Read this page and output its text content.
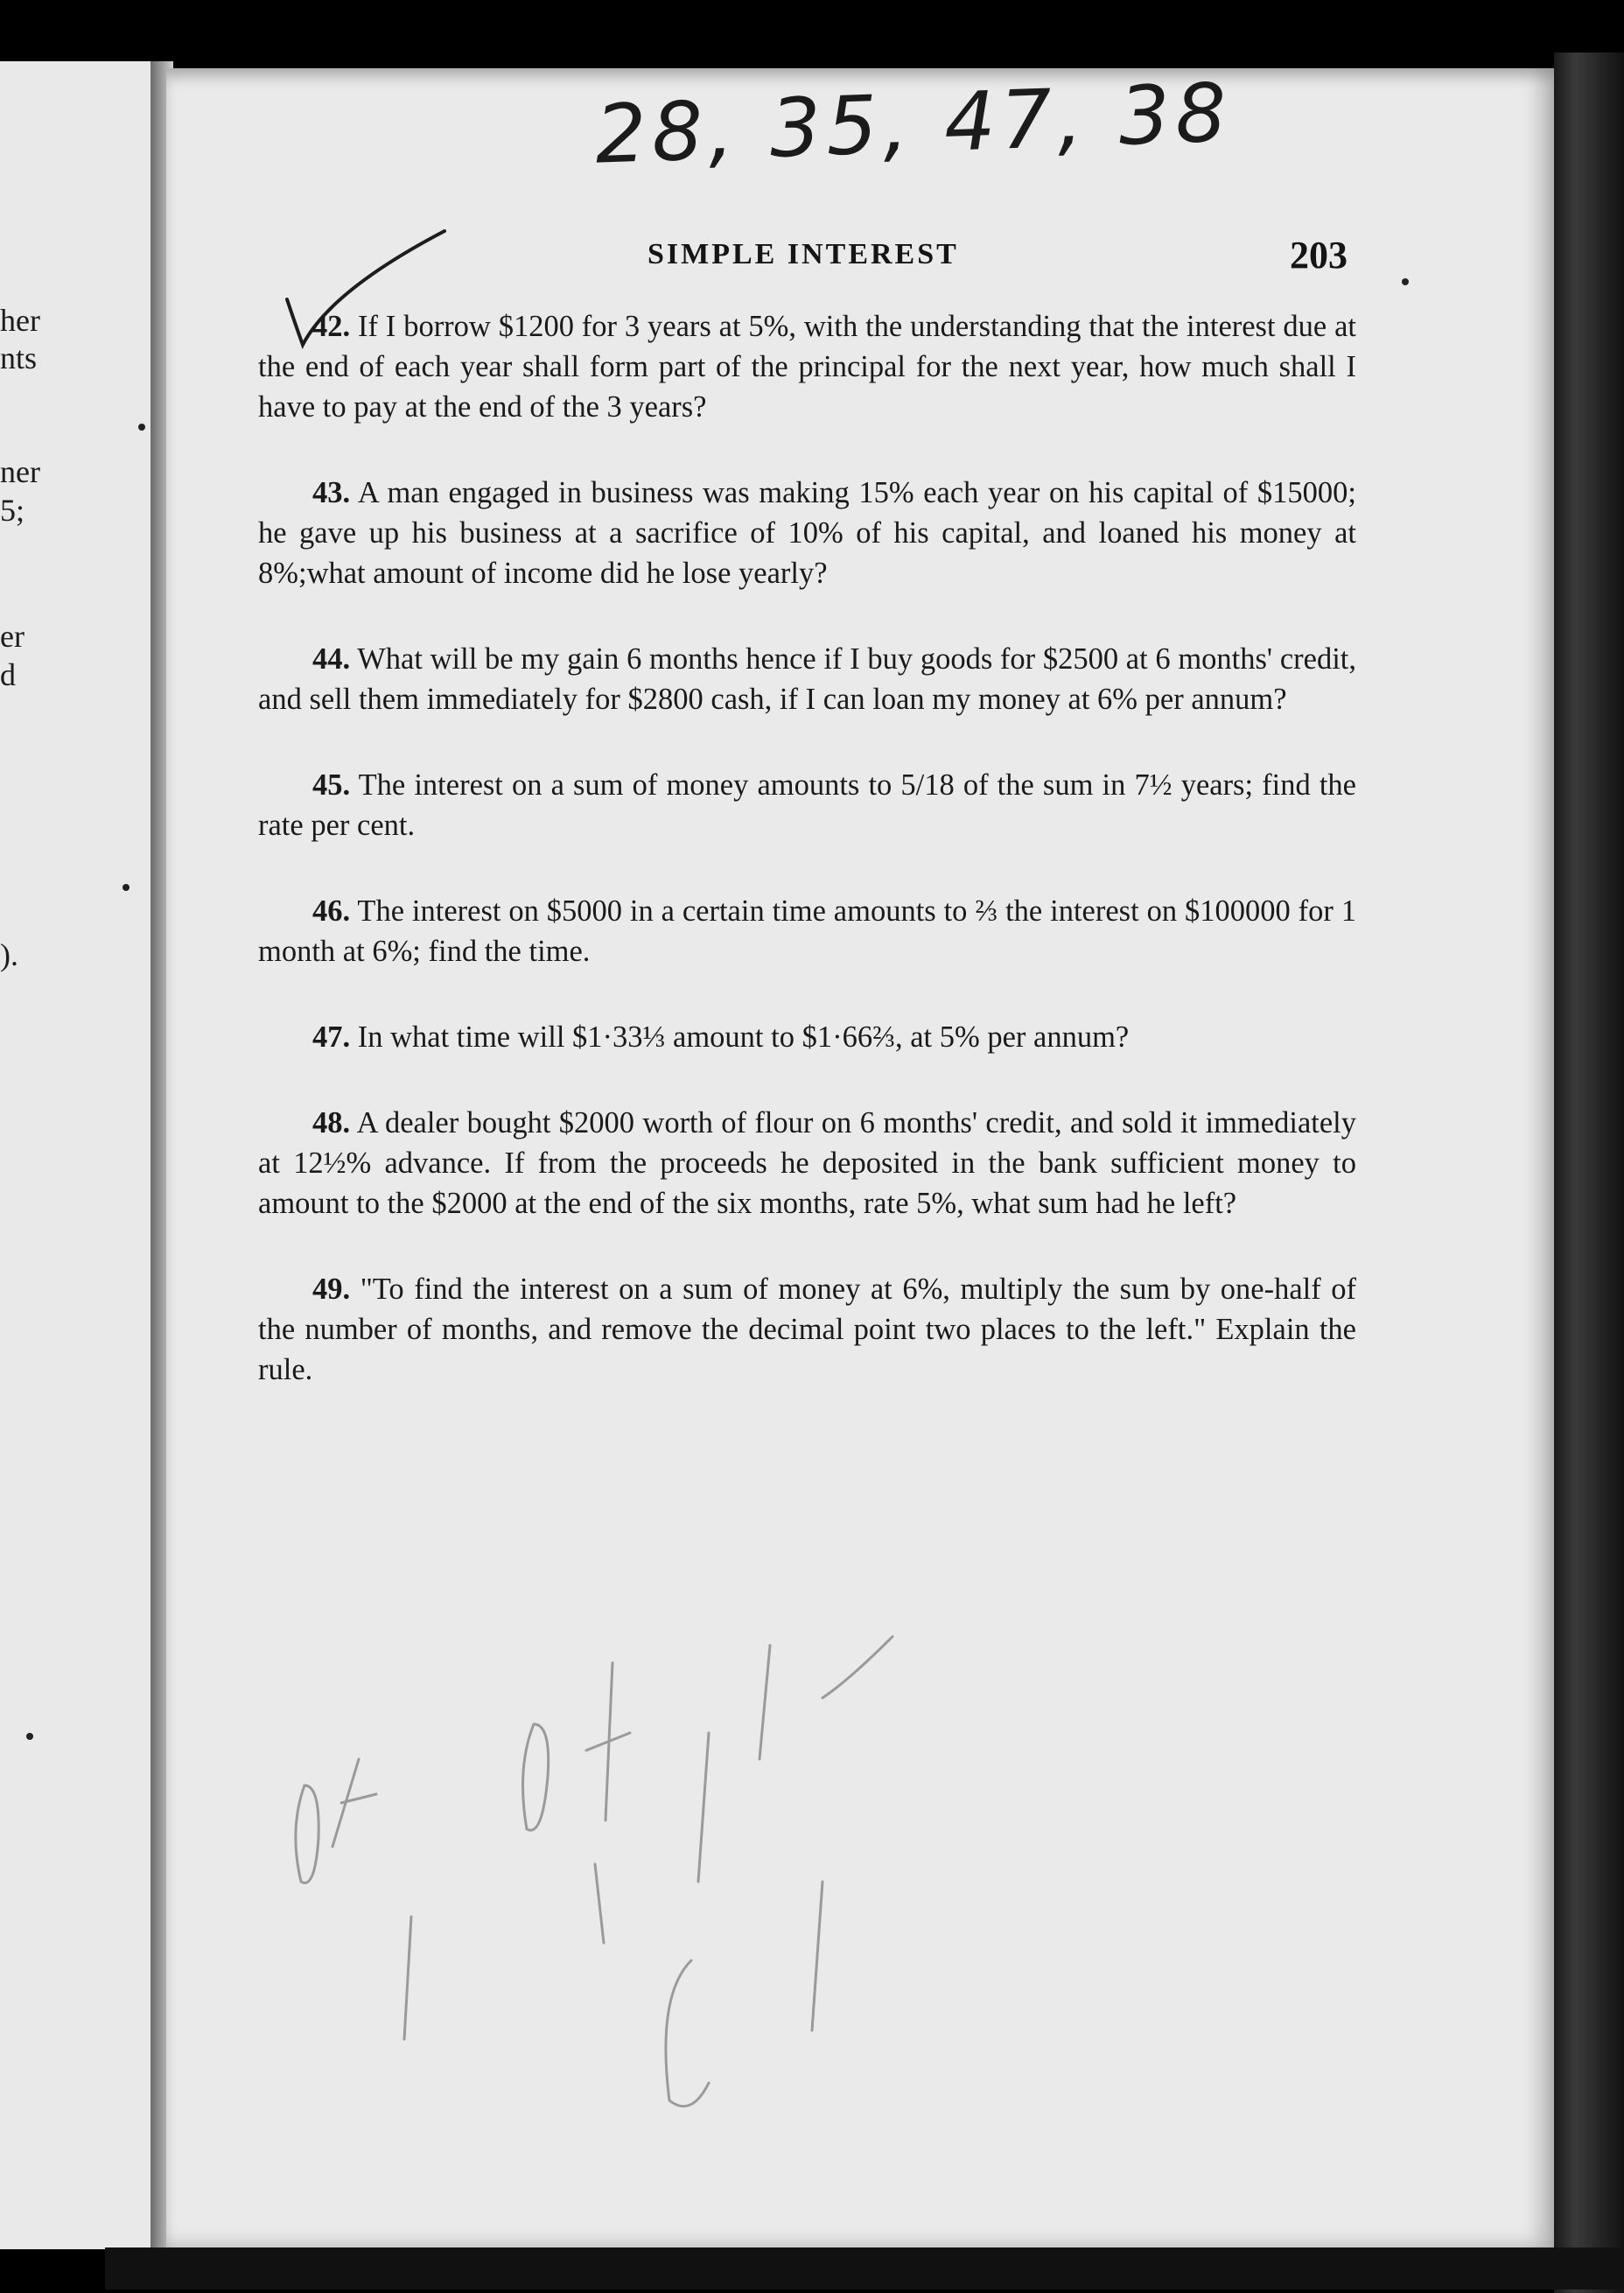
her
nts
ner
5;
er
d
).
28, 35, 47, 38
SIMPLE INTEREST	203

42. If I borrow $1200 for 3 years at 5%, with the understanding that the interest due at the end of each year shall form part of the principal for the next year, how much shall I have to pay at the end of the 3 years?

43. A man engaged in business was making 15% each year on his capital of $15000; he gave up his business at a sacrifice of 10% of his capital, and loaned his money at 8%;what amount of income did he lose yearly?

44. What will be my gain 6 months hence if I buy goods for $2500 at 6 months' credit, and sell them immediately for $2800 cash, if I can loan my money at 6% per annum?

45. The interest on a sum of money amounts to 5/18 of the sum in 7½ years; find the rate per cent.

46. The interest on $5000 in a certain time amounts to ⅔ the interest on $100000 for 1 month at 6%; find the time.

47. In what time will $1·33⅓ amount to $1·66⅔, at 5% per annum?

48. A dealer bought $2000 worth of flour on 6 months' credit, and sold it immediately at 12½% advance. If from the proceeds he deposited in the bank sufficient money to amount to the $2000 at the end of the six months, rate 5%, what sum had he left?

49. "To find the interest on a sum of money at 6%, multiply the sum by one-half of the number of months, and remove the decimal point two places to the left." Explain the rule.
